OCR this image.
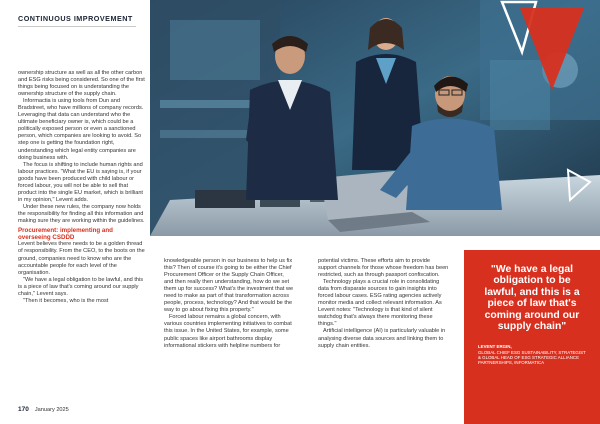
CONTINUOUS IMPROVEMENT

ownership structure as well as all the other carbon and ESG risks being considered. So one of the first things being focused on is understanding the ownership structure of the supply chain.

Informactia is using tools from Dun and Bradstreet, who have millions of company records. Leveraging that data can understand who the ultimate beneficiary owner is, which could be a politically exposed person or even a sanctioned person, which companies are looking to avoid. So step one is getting the foundation right, understanding which legal entity companies are doing business with.

The focus is shifting to include human rights and labour practices. "What the EU is saying is, if your goods have been produced with child labour or forced labour, you will not be able to sell that product into the single EU market, which is brilliant in my opinion," Levent adds.

Under these new rules, the company now holds the responsibility for finding all this information and making sure they are working within the guidelines.

Procurement: implementing and overseeing CSDDD

Levent believes there needs to be a golden thread of responsibility. From the CEO, to the boots on the ground, companies need to know who are the accountable people for each level of the organisation.

"We have a legal obligation to be lawful, and this is a piece of law that's coming around our supply chain," Levent says.

"Then it becomes, who is the most

knowledgeable person in our business to help us fix this? Then of course it's going to be either the Chief Procurement Officer or the Supply Chain Officer, and then really then understanding, how do we set them up for success? What's the investment that we need to make as part of that transformation across people, process, technology? And that would be the way to go about fixing this property."

Forced labour remains a global concern, with various countries implementing initiatives to combat this issue. In the United States, for example, some public spaces like airport bathrooms display informational stickers with helpline numbers for

potential victims. These efforts aim to provide support channels for those whose freedom has been restricted, such as through passport confiscation.

Technology plays a crucial role in consolidating data from disparate sources to gain insights into forced labour cases. ESG rating agencies actively monitor media and collect relevant information. As Levent notes: "Technology is that kind of silent watchdog that's always there monitoring these things."

Artificial intelligence (AI) is particularly valuable in analysing diverse data sources and linking them to supply chain entities.

"We have a legal obligation to be lawful, and this is a piece of law that's coming around our supply chain"
LEVENT ERGIN,
GLOBAL CHIEF ESG SUSTAINABILITY, STRATEGIST & GLOBAL HEAD OF ESG STRATEGIC ALLIANCE PARTNERSHIPS, INFORMATICA
170 January 2025
